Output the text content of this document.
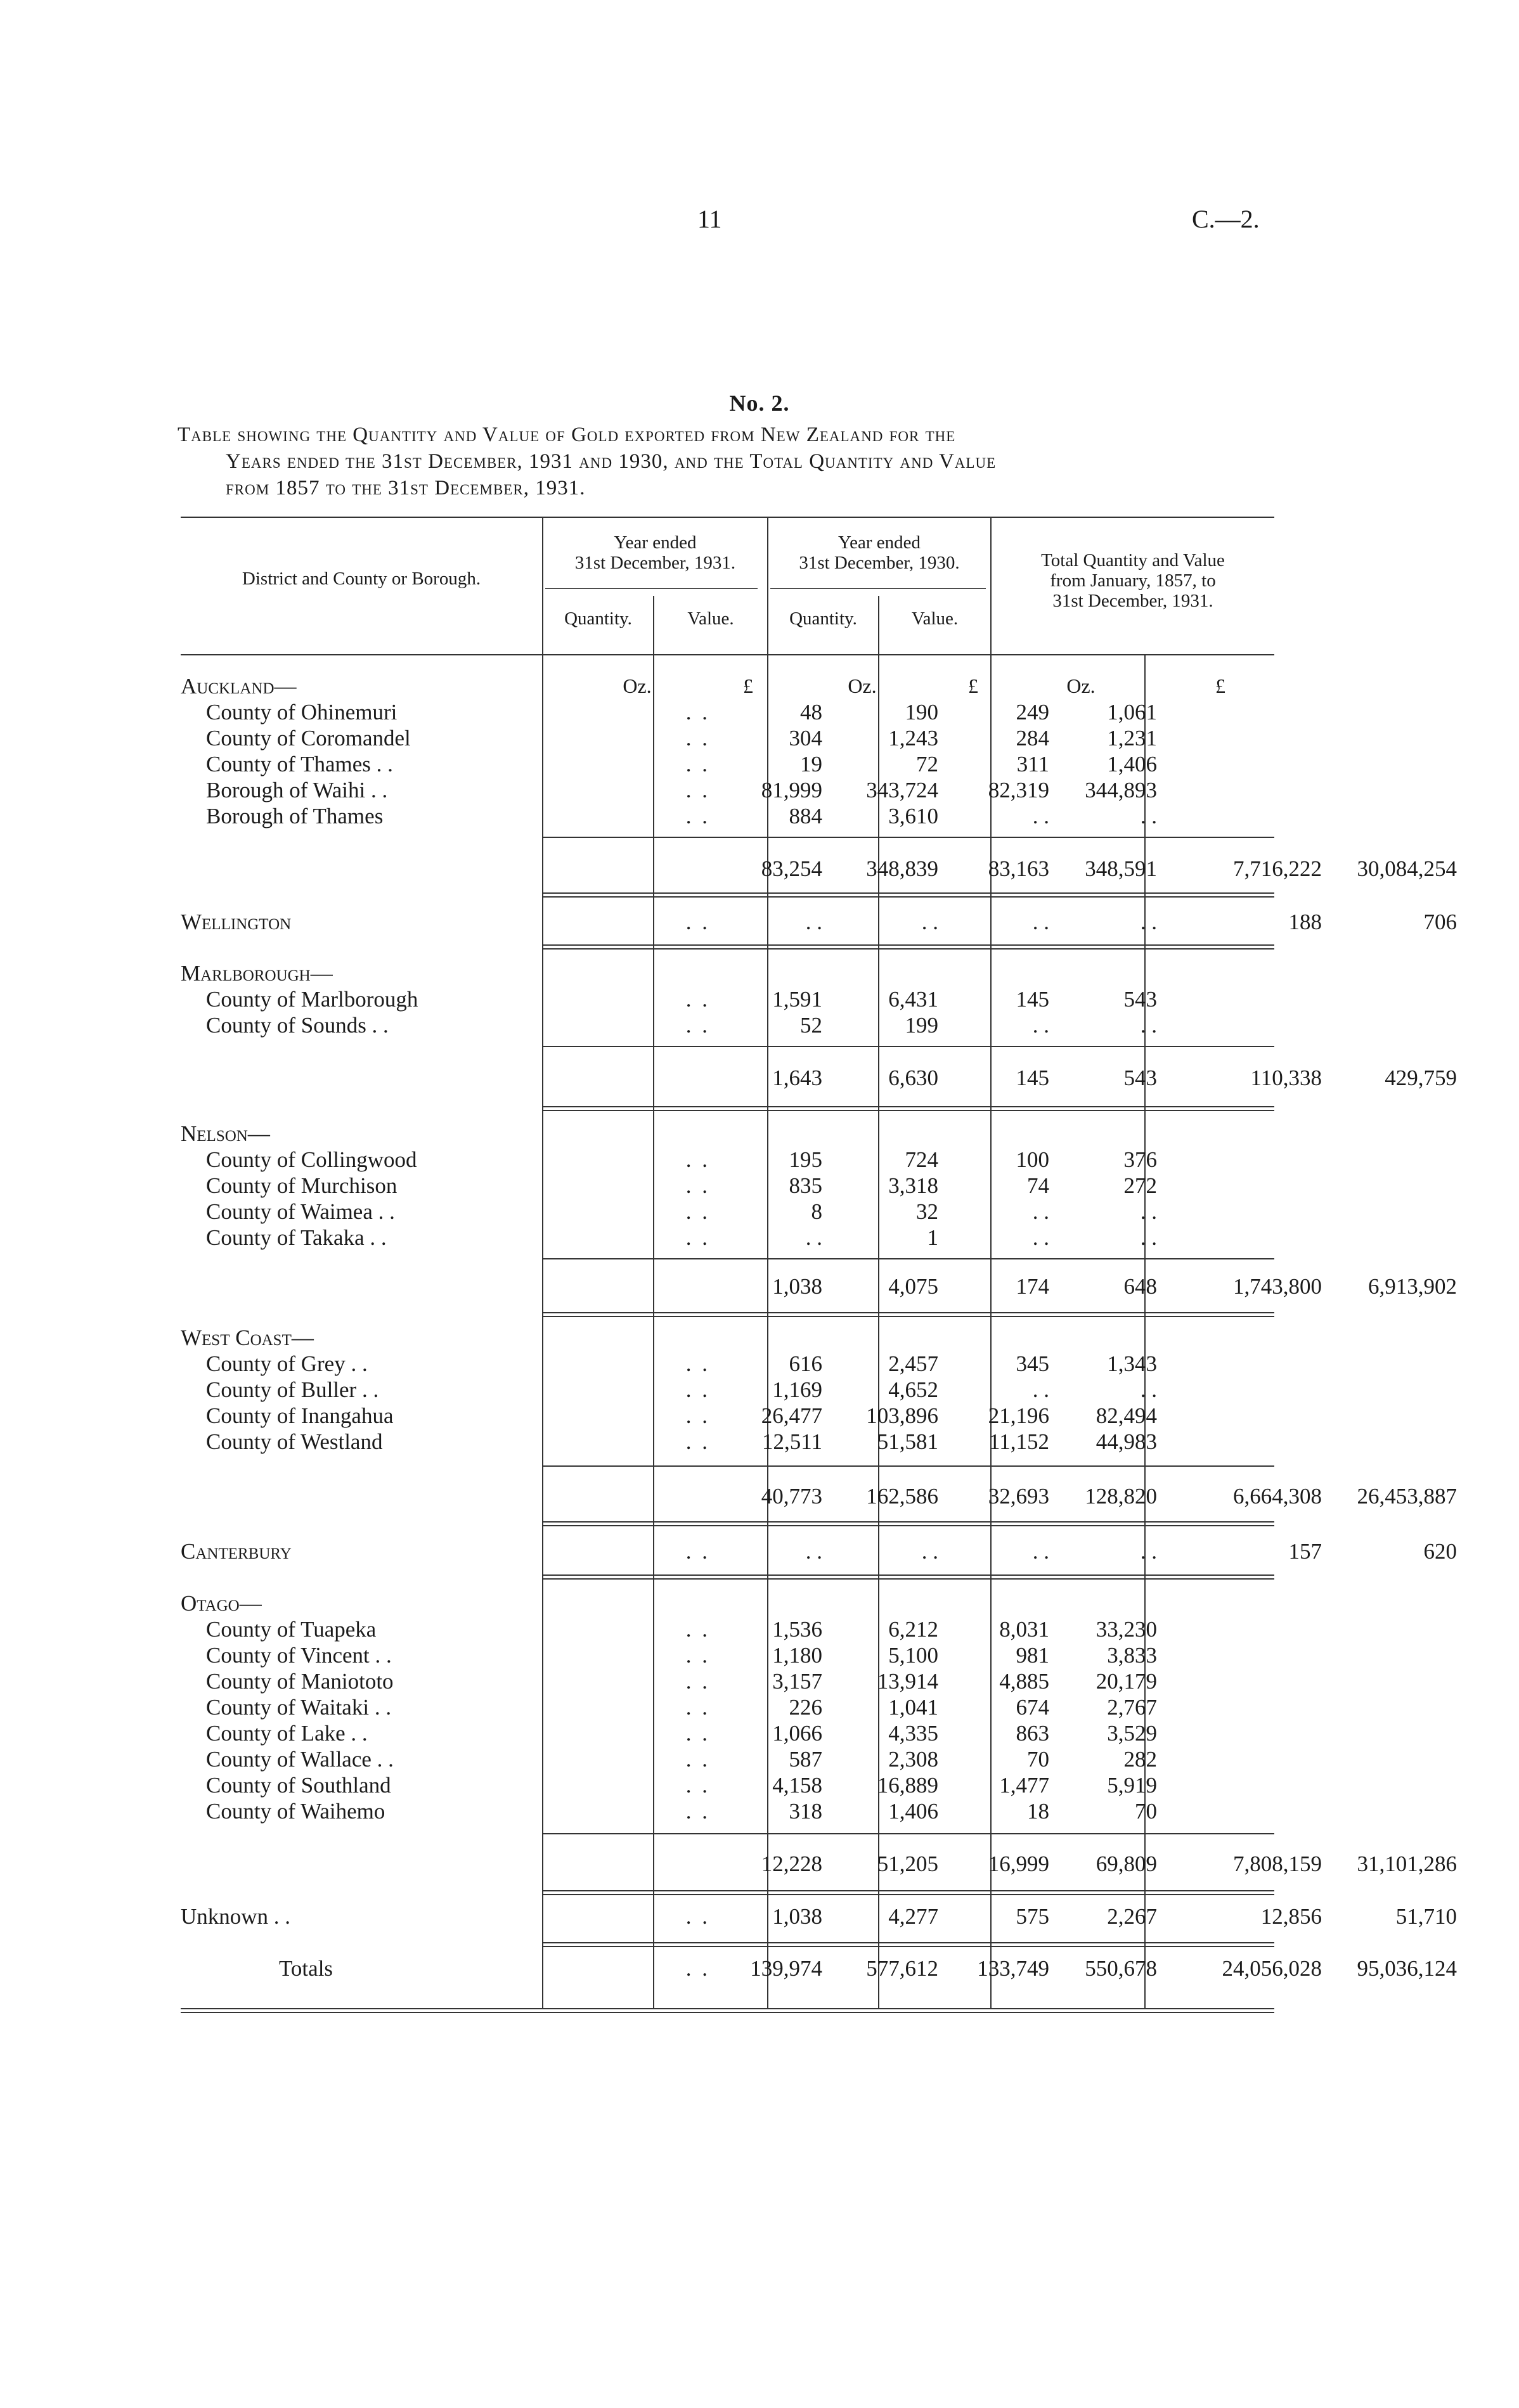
11	C.—2.
No. 2.
Table showing the Quantity and Value of Gold exported from New Zealand for the
Years ended the 31st December, 1931 and 1930, and the Total Quantity and Value
from 1857 to the 31st December, 1931.
District and County or Borough.
Year ended
31st December, 1931.
Year ended
31st December, 1930.	Total Quantity and Value
from January, 1857, to
31st December, 1931.
Quantity.	Value.	Quantity.	Value.
Auckland—	Oz.	£	Oz.	£	Oz.	£
County of Ohinemuri	. .	48	190	249	1,061
County of Coromandel	. .	304	1,243	284	1,231
County of Thames . .	. .	19	72	311	1,406
Borough of Waihi . .	. .	81,999	343,724	82,319	344,893
Borough of Thames	. .	884	3,610	. .	. .
83,254	348,839	83,163	348,591	7,716,222	30,084,254
Wellington	. .	. .	. .	. .	. .	188	706
Marlborough—
County of Marlborough	. .	1,591	6,431	145	543
County of Sounds . .	. .	52	199	. .	. .
1,643	6,630	145	543	110,338	429,759
Nelson—
County of Collingwood	. .	195	724	100	376
County of Murchison	. .	835	3,318	74	272
County of Waimea . .	. .	8	32	. .	. .
County of Takaka . .	. .	. .	1	. .	. .
1,038	4,075	174	648	1,743,800	6,913,902
West Coast—
County of Grey . .	. .	616	2,457	345	1,343
County of Buller . .	. .	1,169	4,652	. .	. .
County of Inangahua	. .	26,477	103,896	21,196	82,494
County of Westland	. .	12,511	51,581	11,152	44,983
40,773	162,586	32,693	128,820	6,664,308	26,453,887
Canterbury	. .	. .	. .	. .	. .	157	620
Otago—
County of Tuapeka	. .	1,536	6,212	8,031	33,230
County of Vincent . .	. .	1,180	5,100	981	3,833
County of Maniototo	. .	3,157	13,914	4,885	20,179
County of Waitaki . .	. .	226	1,041	674	2,767
County of Lake . .	. .	1,066	4,335	863	3,529
County of Wallace . .	. .	587	2,308	70	282
County of Southland	. .	4,158	16,889	1,477	5,919
County of Waihemo	. .	318	1,406	18	70
12,228	51,205	16,999	69,809	7,808,159	31,101,286
Unknown . .	. .	1,038	4,277	575	2,267	12,856	51,710
Totals	. .	139,974	577,612	133,749	550,678	24,056,028	95,036,124
